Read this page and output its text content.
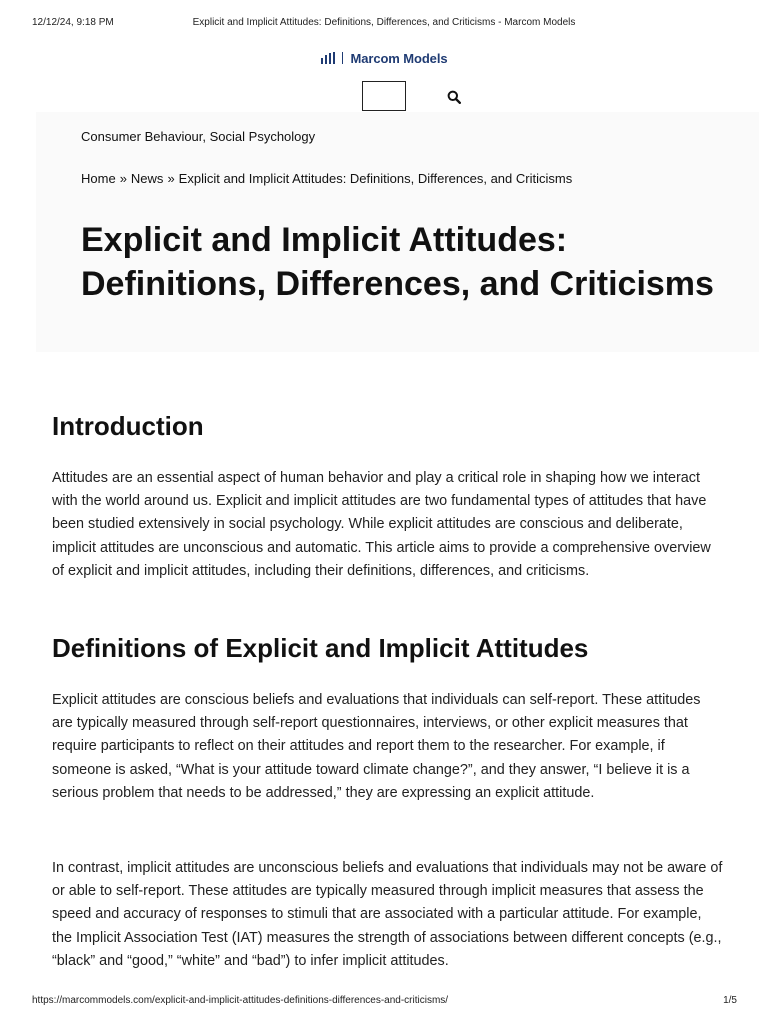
12/12/24, 9:18 PM	Explicit and Implicit Attitudes: Definitions, Differences, and Criticisms - Marcom Models
Marcom Models
Consumer Behaviour, Social Psychology
Home » News » Explicit and Implicit Attitudes: Definitions, Differences, and Criticisms
Explicit and Implicit Attitudes: Definitions, Differences, and Criticisms
Introduction

Attitudes are an essential aspect of human behavior and play a critical role in shaping how we interact with the world around us. Explicit and implicit attitudes are two fundamental types of attitudes that have been studied extensively in social psychology. While explicit attitudes are conscious and deliberate, implicit attitudes are unconscious and automatic. This article aims to provide a comprehensive overview of explicit and implicit attitudes, including their definitions, differences, and criticisms.

Definitions of Explicit and Implicit Attitudes

Explicit attitudes are conscious beliefs and evaluations that individuals can self-report. These attitudes are typically measured through self-report questionnaires, interviews, or other explicit measures that require participants to reflect on their attitudes and report them to the researcher. For example, if someone is asked, “What is your attitude toward climate change?”, and they answer, “I believe it is a serious problem that needs to be addressed,” they are expressing an explicit attitude.

In contrast, implicit attitudes are unconscious beliefs and evaluations that individuals may not be aware of or able to self-report. These attitudes are typically measured through implicit measures that assess the speed and accuracy of responses to stimuli that are associated with a particular attitude. For example, the Implicit Association Test (IAT) measures the strength of associations between different concepts (e.g., “black” and “good,” “white” and “bad”) to infer implicit attitudes.

https://marcommodels.com/explicit-and-implicit-attitudes-definitions-differences-and-criticisms/	1/5
